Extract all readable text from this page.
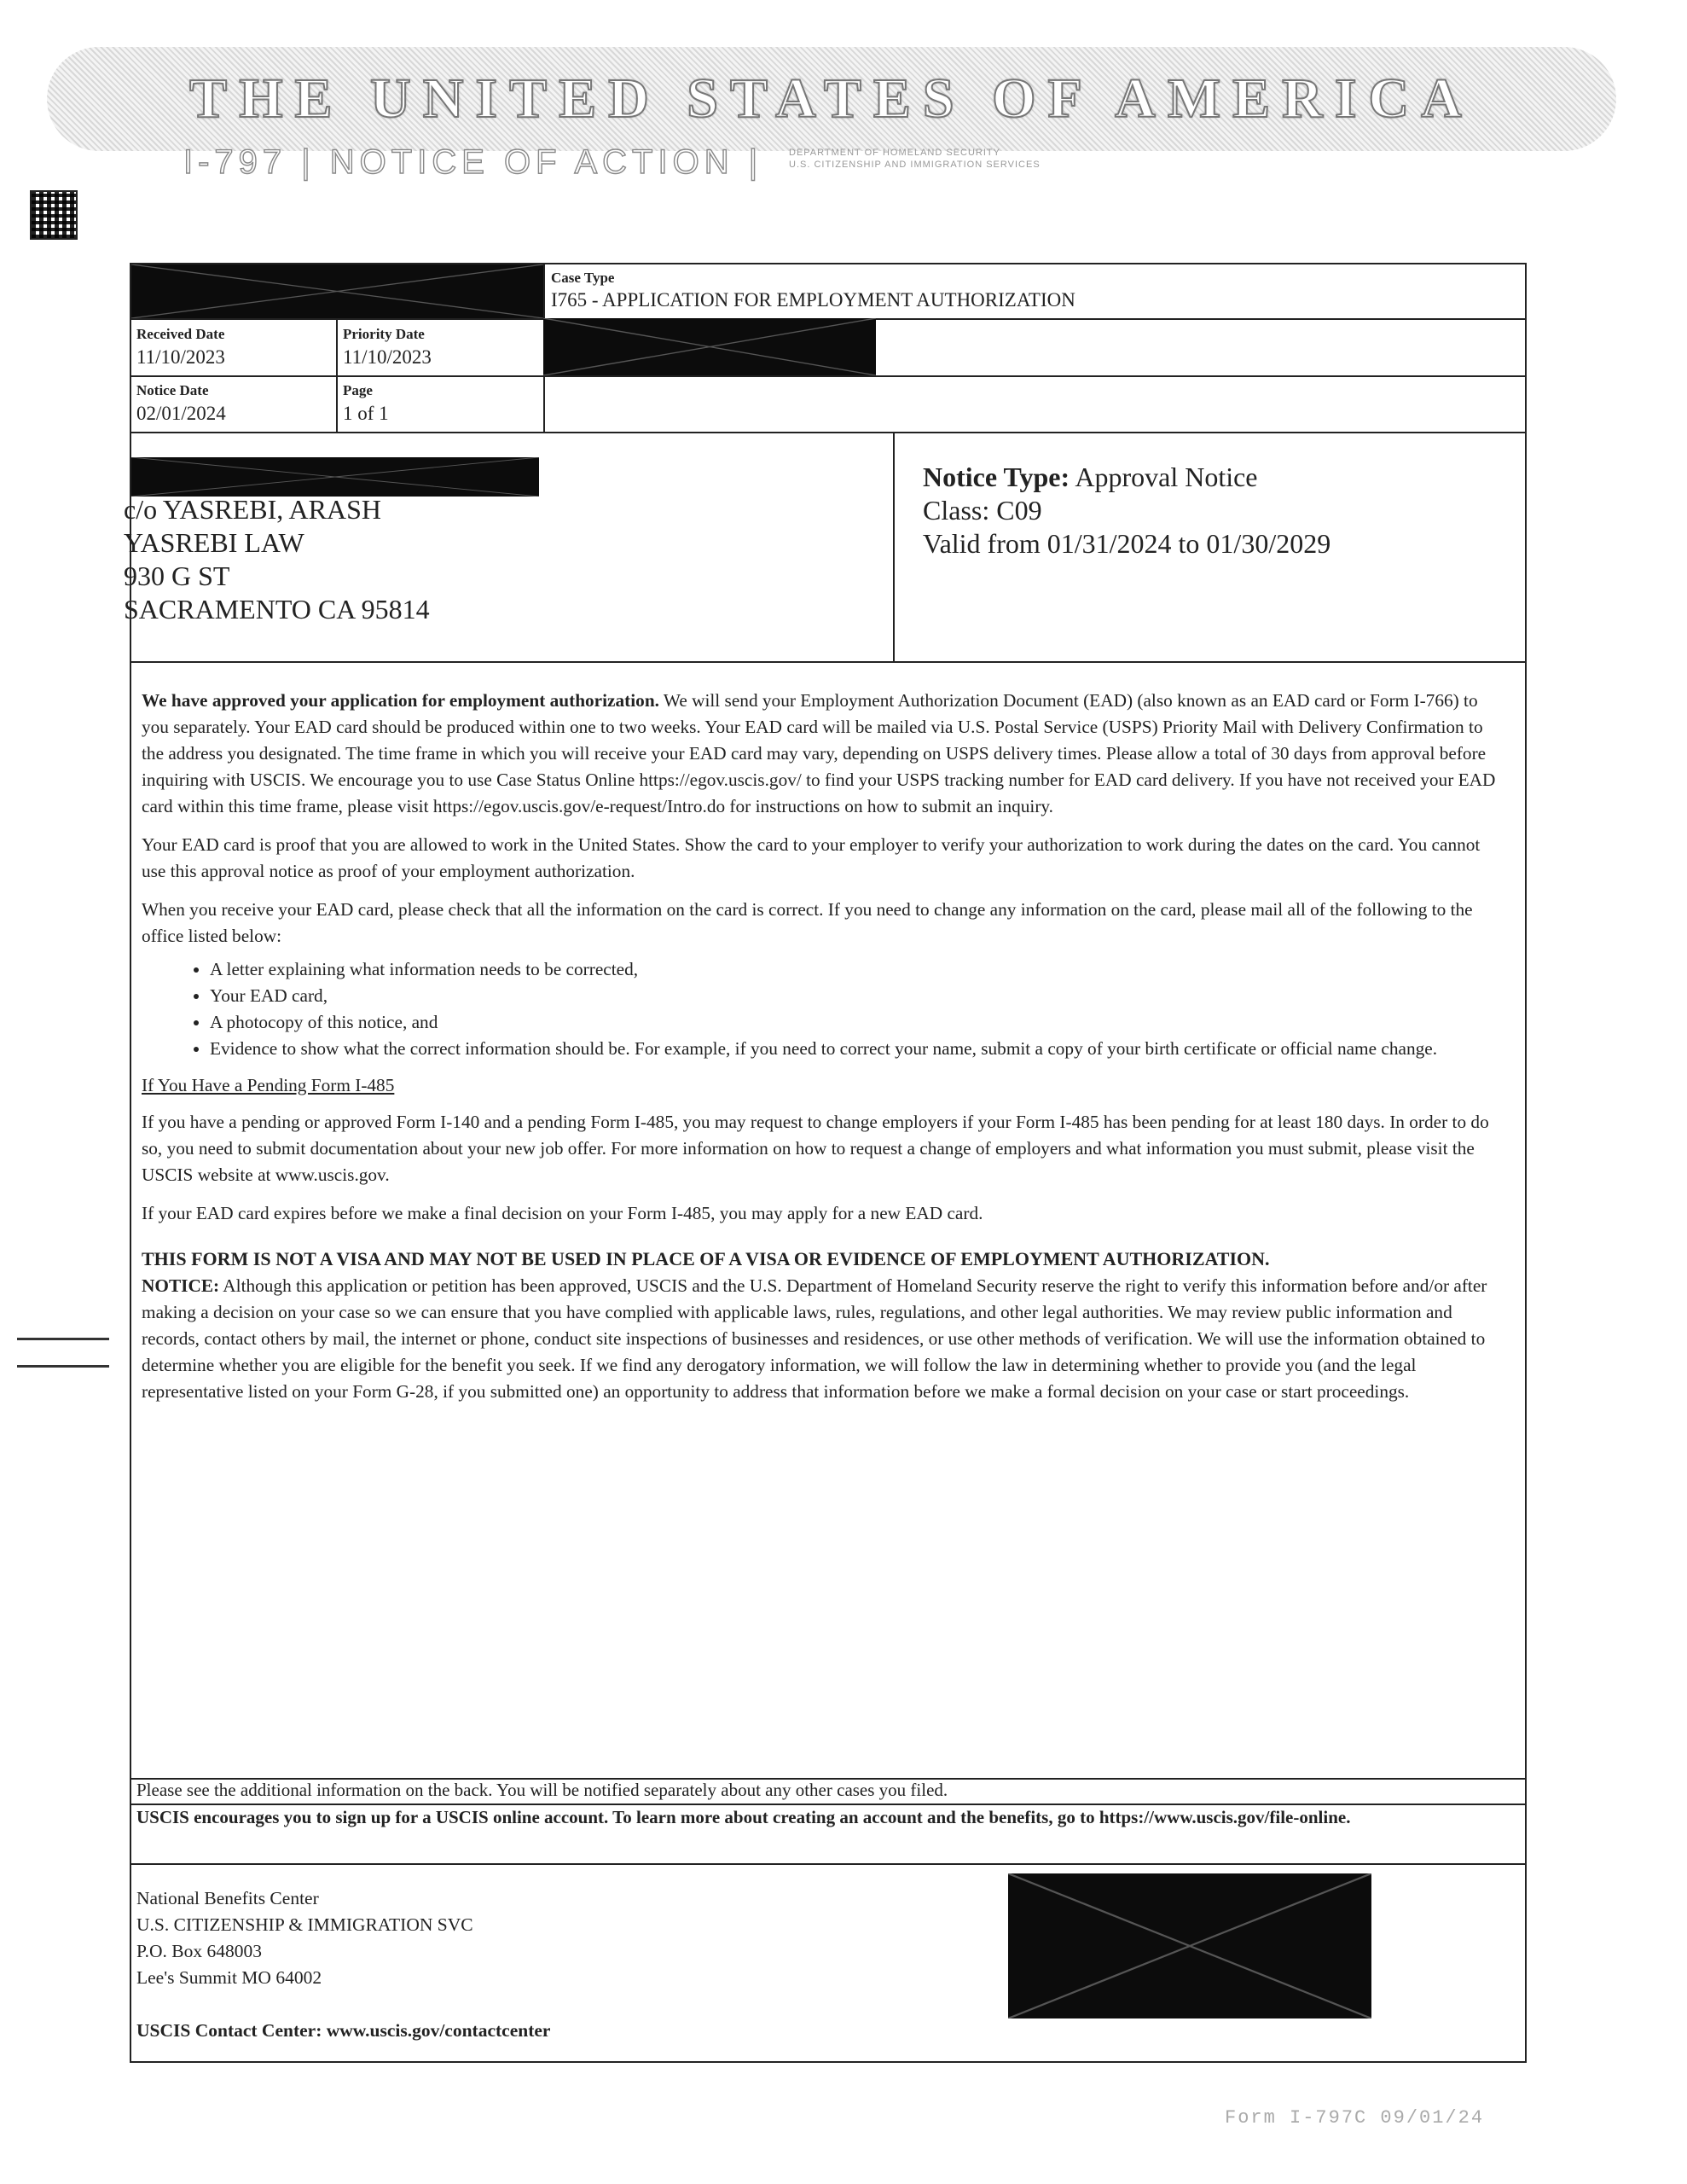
THE UNITED STATES OF AMERICA
I-797 | NOTICE OF ACTION |	DEPARTMENT OF HOMELAND SECURITY
U.S. CITIZENSHIP AND IMMIGRATION SERVICES
Case Type
I765 - APPLICATION FOR EMPLOYMENT AUTHORIZATION
Received Date
11/10/2023
Priority Date
11/10/2023
Notice Date
02/01/2024
Page
1 of 1
c/o YASREBI, ARASH
YASREBI LAW
930 G ST
SACRAMENTO CA 95814
Notice Type: Approval Notice
Class: C09
Valid from 01/31/2024 to 01/30/2029

We have approved your application for employment authorization. We will send your Employment Authorization Document (EAD) (also known as an EAD card or Form I-766) to you separately. Your EAD card should be produced within one to two weeks. Your EAD card will be mailed via U.S. Postal Service (USPS) Priority Mail with Delivery Confirmation to the address you designated. The time frame in which you will receive your EAD card may vary, depending on USPS delivery times. Please allow a total of 30 days from approval before inquiring with USCIS. We encourage you to use Case Status Online https://egov.uscis.gov/ to find your USPS tracking number for EAD card delivery. If you have not received your EAD card within this time frame, please visit https://egov.uscis.gov/e-request/Intro.do for instructions on how to submit an inquiry.

Your EAD card is proof that you are allowed to work in the United States. Show the card to your employer to verify your authorization to work during the dates on the card. You cannot use this approval notice as proof of your employment authorization.

When you receive your EAD card, please check that all the information on the card is correct. If you need to change any information on the card, please mail all of the following to the office listed below:

• A letter explaining what information needs to be corrected,
• Your EAD card,
• A photocopy of this notice, and
• Evidence to show what the correct information should be. For example, if you need to correct your name, submit a copy of your birth certificate or official name change.

If You Have a Pending Form I-485

If you have a pending or approved Form I-140 and a pending Form I-485, you may request to change employers if your Form I-485 has been pending for at least 180 days. In order to do so, you need to submit documentation about your new job offer. For more information on how to request a change of employers and what information you must submit, please visit the USCIS website at www.uscis.gov.

If your EAD card expires before we make a final decision on your Form I-485, you may apply for a new EAD card.

THIS FORM IS NOT A VISA AND MAY NOT BE USED IN PLACE OF A VISA OR EVIDENCE OF EMPLOYMENT AUTHORIZATION.
NOTICE: Although this application or petition has been approved, USCIS and the U.S. Department of Homeland Security reserve the right to verify this information before and/or after making a decision on your case so we can ensure that you have complied with applicable laws, rules, regulations, and other legal authorities. We may review public information and records, contact others by mail, the internet or phone, conduct site inspections of businesses and residences, or use other methods of verification. We will use the information obtained to determine whether you are eligible for the benefit you seek. If we find any derogatory information, we will follow the law in determining whether to provide you (and the legal representative listed on your Form G-28, if you submitted one) an opportunity to address that information before we make a formal decision on your case or start proceedings.

Please see the additional information on the back. You will be notified separately about any other cases you filed.
USCIS encourages you to sign up for a USCIS online account. To learn more about creating an account and the benefits, go to https://www.uscis.gov/file-online.
National Benefits Center
U.S. CITIZENSHIP & IMMIGRATION SVC
P.O. Box 648003
Lee's Summit MO 64002
USCIS Contact Center: www.uscis.gov/contactcenter
Form I-797C 09/01/24
